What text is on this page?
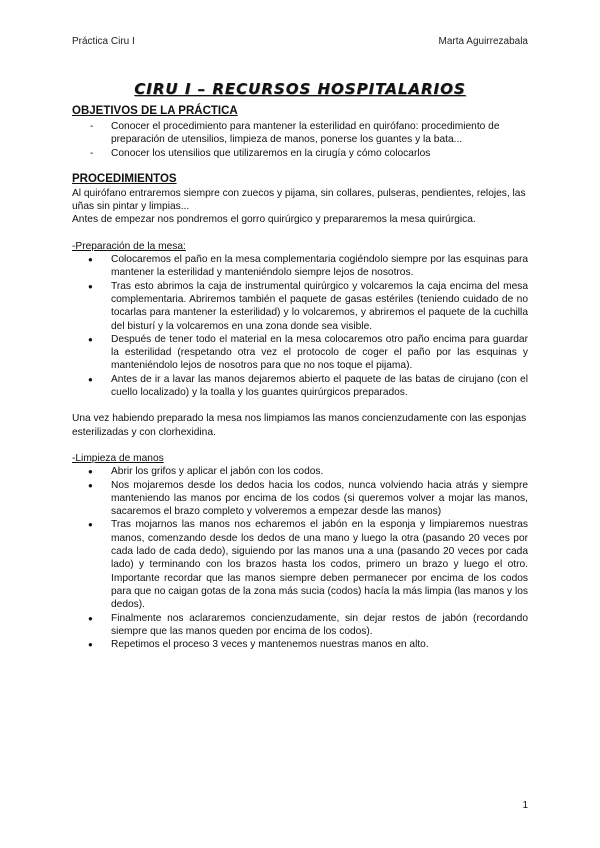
Práctica Ciru I	Marta Aguirrezabala
CIRU I – RECURSOS HOSPITALARIOS

OBJETIVOS DE LA PRÁCTICA

- Conocer el procedimiento para mantener la esterilidad en quirófano: procedimiento de preparación de utensilios, limpieza de manos, ponerse los guantes y la bata...
- Conocer los utensilios que utilizaremos en la cirugía y cómo colocarlos

PROCEDIMIENTOS

Al quirófano entraremos siempre con zuecos y pijama, sin collares, pulseras, pendientes, relojes, las uñas sin pintar y limpias...

Antes de empezar nos pondremos el gorro quirúrgico y prepararemos la mesa quirúrgica.

-Preparación de la mesa:

● Colocaremos el paño en la mesa complementaria cogiéndolo siempre por las esquinas para mantener la esterilidad y manteniéndolo siempre lejos de nosotros.
● Tras esto abrimos la caja de instrumental quirúrgico y volcaremos la caja encima del mesa complementaria. Abriremos también el paquete de gasas estériles (teniendo cuidado de no tocarlas para mantener la esterilidad) y lo volcaremos, y abriremos el paquete de la cuchilla del bisturí y la volcaremos en una zona donde sea visible.
● Después de tener todo el material en la mesa colocaremos otro paño encima para guardar la esterilidad (respetando otra vez el protocolo de coger el paño por las esquinas y manteniéndolo lejos de nosotros para que no nos toque el pijama).
● Antes de ir a lavar las manos dejaremos abierto el paquete de las batas de cirujano (con el cuello localizado) y la toalla y los guantes quirúrgicos preparados.

Una vez habiendo preparado la mesa nos limpiamos las manos concienzudamente con las esponjas esterilizadas y con clorhexidina.

-Limpieza de manos

● Abrir los grifos y aplicar el jabón con los codos.
● Nos mojaremos desde los dedos hacia los codos, nunca volviendo hacia atrás y siempre manteniendo las manos por encima de los codos (si queremos volver a mojar las manos, sacaremos el brazo completo y volveremos a empezar desde las manos)
● Tras mojarnos las manos nos echaremos el jabón en la esponja y limpiaremos nuestras manos, comenzando desde los dedos de una mano y luego la otra (pasando 20 veces por cada lado de cada dedo), siguiendo por las manos una a una (pasando 20 veces por cada lado) y terminando con los brazos hasta los codos, primero un brazo y luego el otro. Importante recordar que las manos siempre deben permanecer por encima de los codos para que no caigan gotas de la zona más sucia (codos) hacía la más limpia (las manos y los dedos).
● Finalmente nos aclararemos concienzudamente, sin dejar restos de jabón (recordando siempre que las manos queden por encima de los codos).
● Repetimos el proceso 3 veces y mantenemos nuestras manos en alto.
1
